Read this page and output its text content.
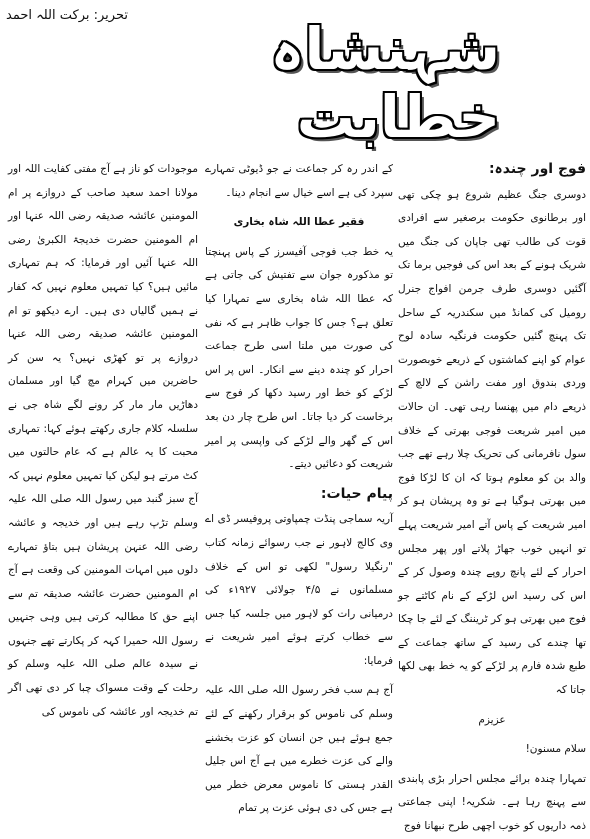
تحریر: برکت اللہ احمد	شہنشاہ خطابت
فوج اور چندہ:

دوسری جنگ عظیم شروع ہو چکی تھی اور برطانوی حکومت برصغیر سے افرادی قوت کی طالب تھی جاپان کی جنگ میں شریک ہونے کے بعد اس کی فوجیں برما تک آگئیں دوسری طرف جرمن افواج جنرل رومیل کی کمانڈ میں سکندریہ کے ساحل تک پہنچ گئیں حکومت فرنگیہ سادہ لوح عوام کو اپنے کماشتوں کے ذریعے خوبصورت وردی بندوق اور مفت راشن کے لالچ کے ذریعے دام میں پھنسا رہی تھی۔ ان حالات میں امیر شریعت فوجی بھرتی کے خلاف سول نافرمانی کی تحریک چلا رہے تھے جب والد بن کو معلوم ہوتا کہ ان کا لڑکا فوج میں بھرتی ہوگیا ہے تو وہ پریشان ہو کر امیر شریعت کے پاس آتے امیر شریعت پہلے تو انہیں خوب جھاڑ پلاتے اور پھر مجلس احرار کے لئے پانچ روپے چندہ وصول کر کے اس کی رسید اس لڑکے کے نام کاٹتے جو فوج میں بھرتی ہو کر ٹریننگ کے لئے جا چکا تھا چندے کی رسید کے ساتھ جماعت کے طبع شدہ فارم پر لڑکے کو یہ خط بھی لکھا جاتا کہ

عزیزم

سلام مسنون!

تمہارا چندہ برائے مجلس احرار بڑی پابندی سے پہنچ رہا ہے۔ شکریہ! اپنی جماعتی ذمہ داریوں کو خوب اچھی طرح نبھانا فوج

کے اندر رہ کر جماعت نے جو ڈیوٹی تمہارے سپرد کی ہے اسے خیال سے انجام دینا۔

فقیر عطا اللہ شاہ بخاری

یہ خط جب فوجی آفیسرز کے پاس پہنچتا تو مذکورہ جوان سے تفتیش کی جاتی ہے کہ عطا اللہ شاہ بخاری سے تمہارا کیا تعلق ہے؟ جس کا جواب ظاہر ہے کہ نفی کی صورت میں ملتا اسی طرح جماعت احرار کو چندہ دینے سے انکار۔ اس پر اس لڑکے کو خط اور رسید دکھا کر فوج سے برخاست کر دیا جاتا۔ اس طرح چار دن بعد اس کے گھر والے لڑکے کی واپسی پر امیر شریعت کو دعائیں دیتے۔

پیام حیات:

آریہ سماجی پنڈت چمپاوتی پروفیسر ڈی اے وی کالج لاہور نے جب رسوائے زمانہ کتاب "رنگیلا رسول" لکھی تو اس کے خلاف مسلمانوں نے ۴/۵ جولائی ۱۹۲۷ء کی درمیانی رات کو لاہور میں جلسہ کیا جس سے خطاب کرتے ہوئے امیر شریعت نے فرمایا:

آج ہم سب فخر رسول اللہ صلی اللہ علیہ وسلم کی ناموس کو برقرار رکھنے کے لئے جمع ہوئے ہیں جن انسان کو عزت بخشنے والے کی عزت خطرے میں ہے آج اس جلیل القدر ہستی کا ناموس معرض خطر میں ہے جس کی دی ہوئی عزت پر تمام

موجودات کو ناز ہے آج مفتی کفایت اللہ اور مولانا احمد سعید صاحب کے دروازے پر ام المومنین عائشہ صدیقہ رضی اللہ عنہا اور ام المومنین حضرت خدیجۃ الکبریٰ رضی اللہ عنہا آئیں اور فرمایا: کہ ہم تمہاری مائیں ہیں؟ کیا تمہیں معلوم نہیں کہ کفار نے ہمیں گالیاں دی ہیں۔ ارے دیکھو تو ام المومنین عائشہ صدیقہ رضی اللہ عنہا دروازے پر تو کھڑی نہیں؟ یہ سن کر حاضرین میں کہرام مچ گیا اور مسلمان دھاڑیں مار مار کر رونے لگے شاہ جی نے سلسلہ کلام جاری رکھتے ہوئے کہا: تمہاری محبت کا یہ عالم ہے کہ عام حالتوں میں کٹ مرتے ہو لیکن کیا تمہیں معلوم نہیں کہ آج سبز گنبد میں رسول اللہ صلی اللہ علیہ وسلم تڑپ رہے ہیں اور خدیجہ و عائشہ رضی اللہ عنہن پریشان ہیں بتاؤ تمہارے دلوں میں امہات المومنین کی وقعت ہے آج ام المومنین حضرت عائشہ صدیقہ تم سے اپنے حق کا مطالبہ کرتی ہیں وہی جنہیں رسول اللہ حمیرا کہہ کر پکارتے تھے جنہوں نے سیدہ عالم صلی اللہ علیہ وسلم کو رحلت کے وقت مسواک چبا کر دی تھی اگر تم خدیجہ اور عائشہ کی ناموس کی
